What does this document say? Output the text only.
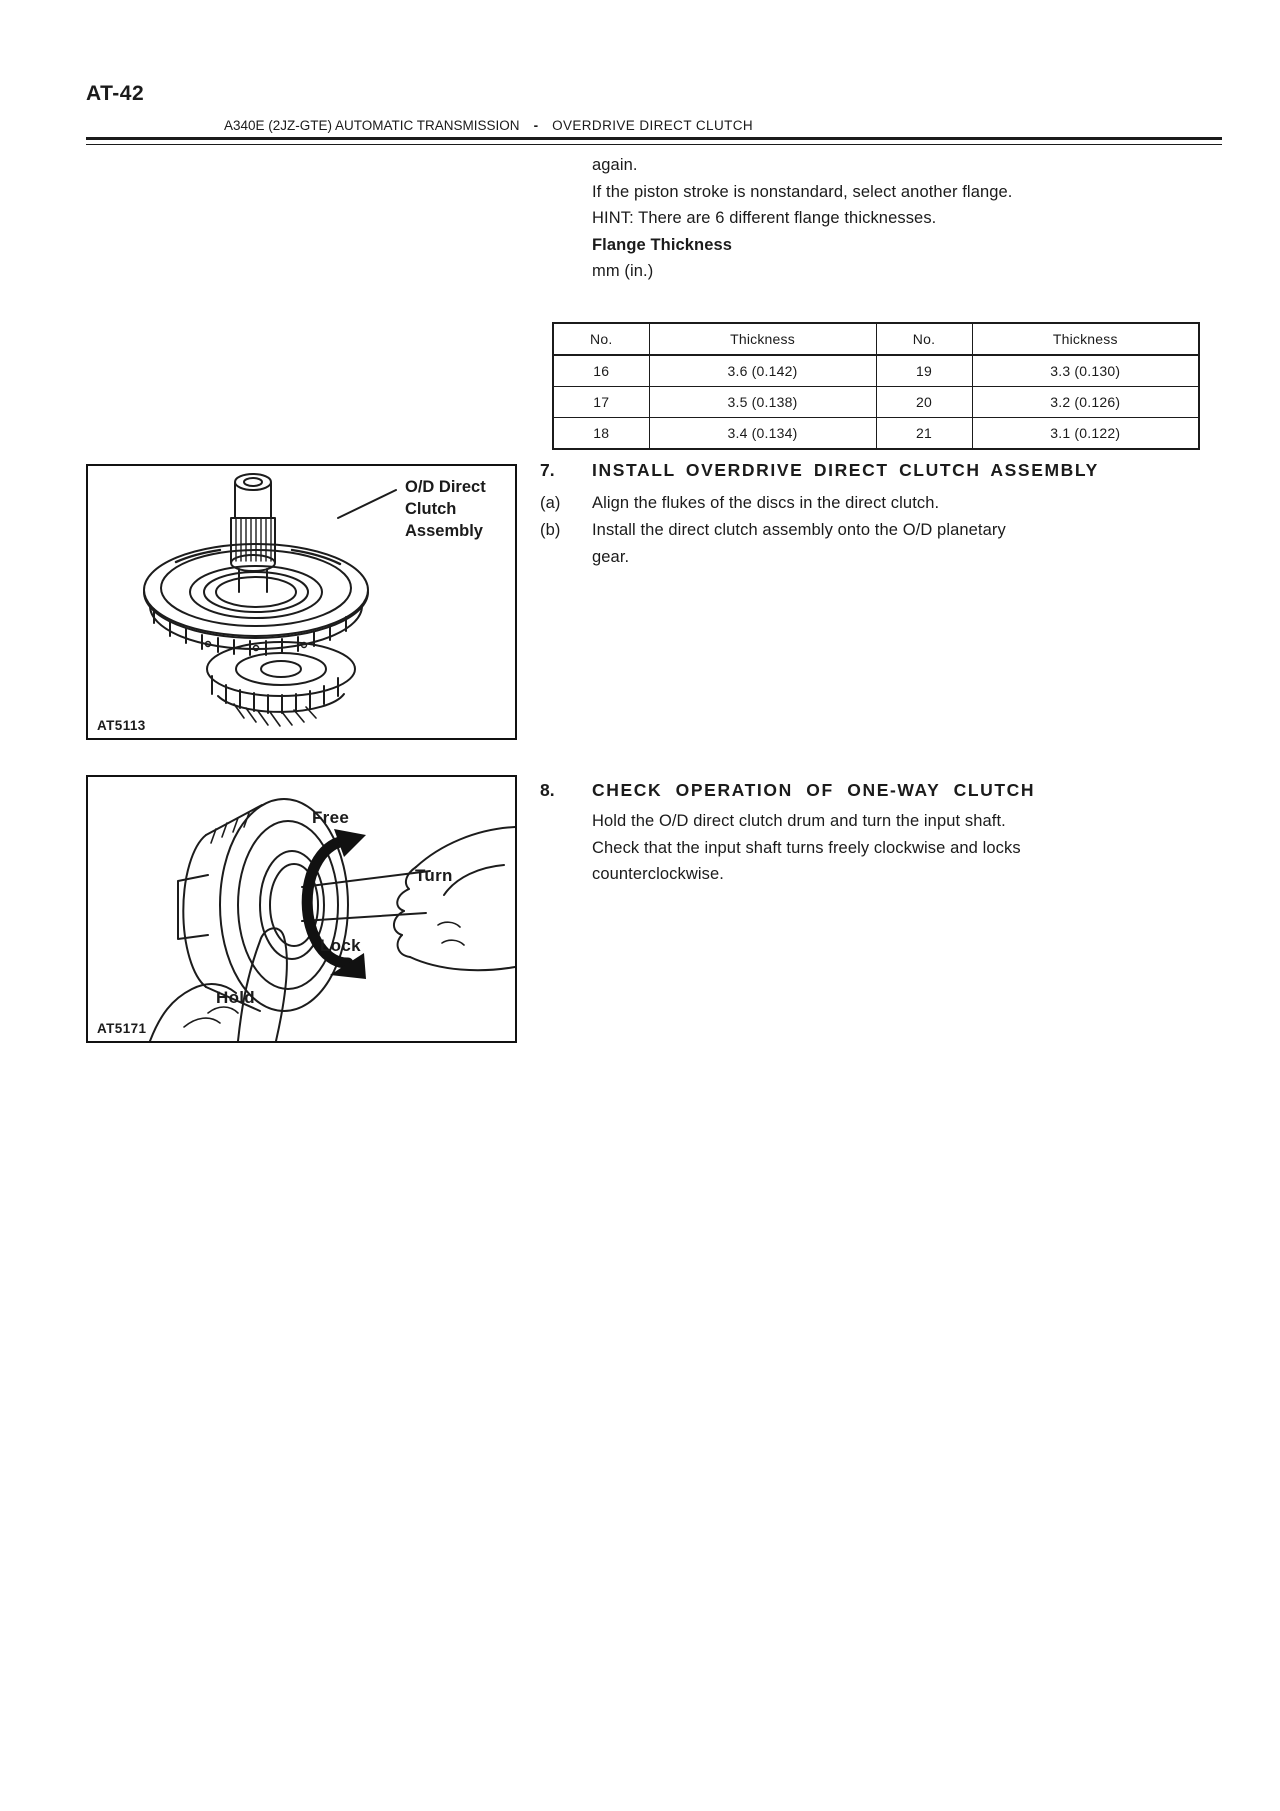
AT-42
A340E (2JZ-GTE) AUTOMATIC TRANSMISSION - OVERDRIVE DIRECT CLUTCH
again.
If the piston stroke is nonstandard, select another flange.
HINT: There are 6 different flange thicknesses.
Flange Thickness
mm (in.)
No.	Thickness	No.	Thickness
16	3.6 (0.142)	19	3.3 (0.130)
17	3.5 (0.138)	20	3.2 (0.126)
18	3.4 (0.134)	21	3.1 (0.122)
7. INSTALL OVERDRIVE DIRECT CLUTCH ASSEMBLY
(a) Align the flukes of the discs in the direct clutch.
(b) Install the direct clutch assembly onto the O/D planetary
gear.
O/D Direct
Clutch
Assembly
AT5113
8. CHECK OPERATION OF ONE-WAY CLUTCH
Hold the O/D direct clutch drum and turn the input shaft.
Check that the input shaft turns freely clockwise and locks
counterclockwise.
Free
Turn
Lock
Hold
AT5171
